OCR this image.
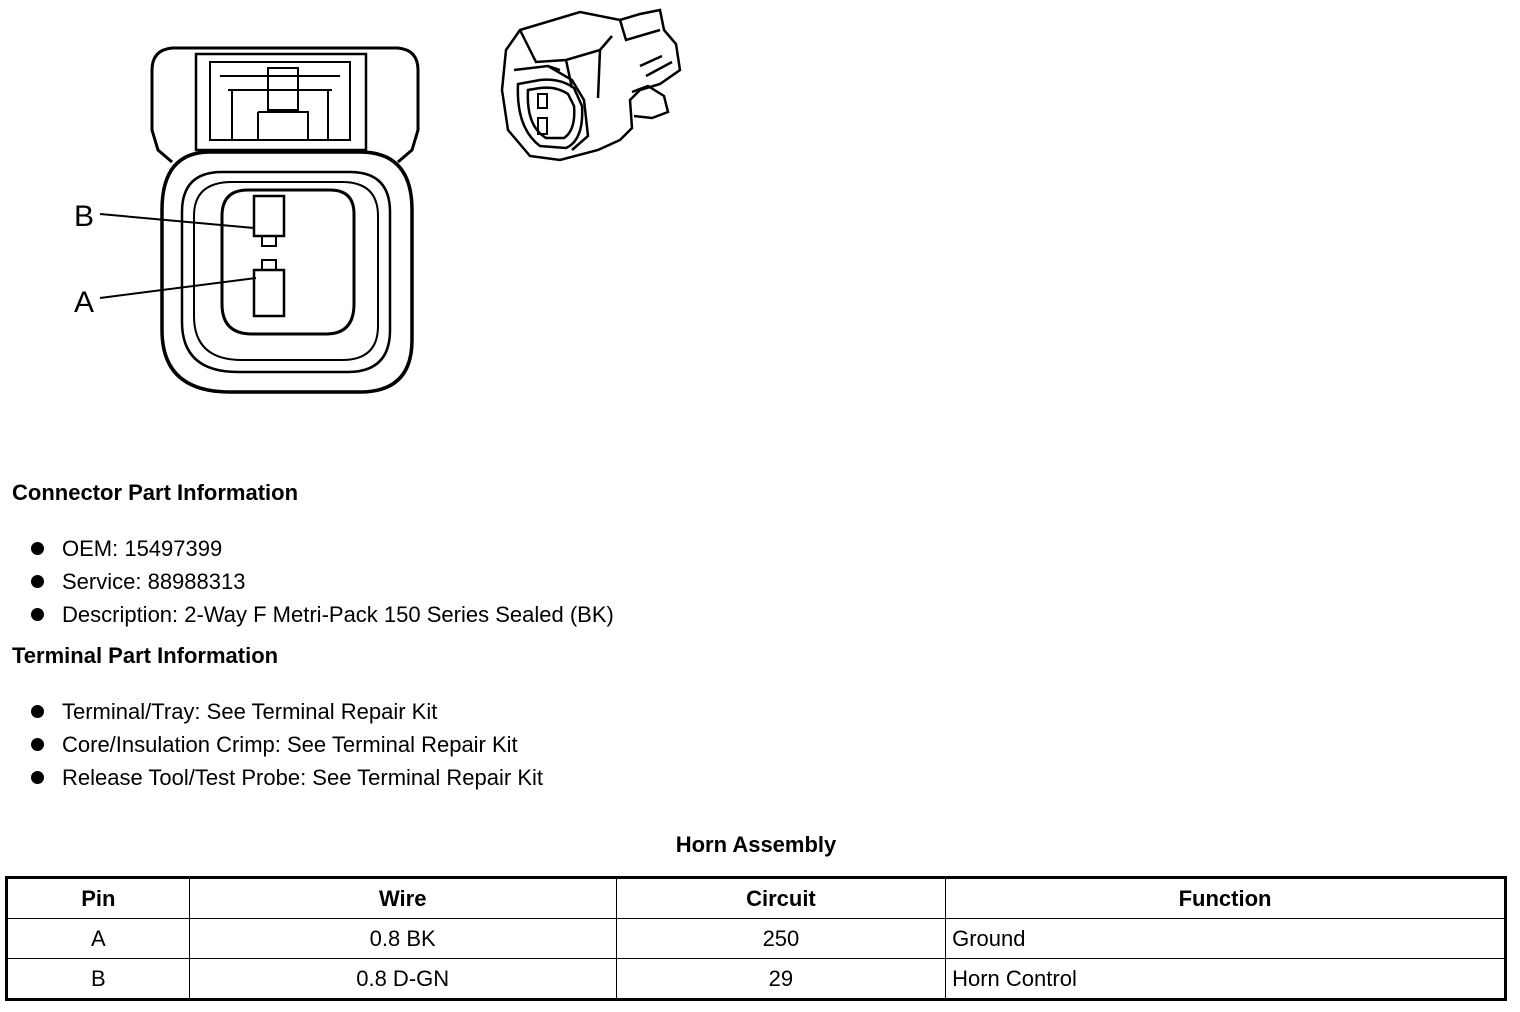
B
A
Connector Part Information
OEM: 15497399
Service: 88988313
Description: 2-Way F Metri-Pack 150 Series Sealed (BK)
Terminal Part Information
Terminal/Tray: See Terminal Repair Kit
Core/Insulation Crimp: See Terminal Repair Kit
Release Tool/Test Probe: See Terminal Repair Kit
Horn Assembly
Pin	Wire	Circuit	Function
A	0.8 BK	250	Ground
B	0.8 D-GN	29	Horn Control
